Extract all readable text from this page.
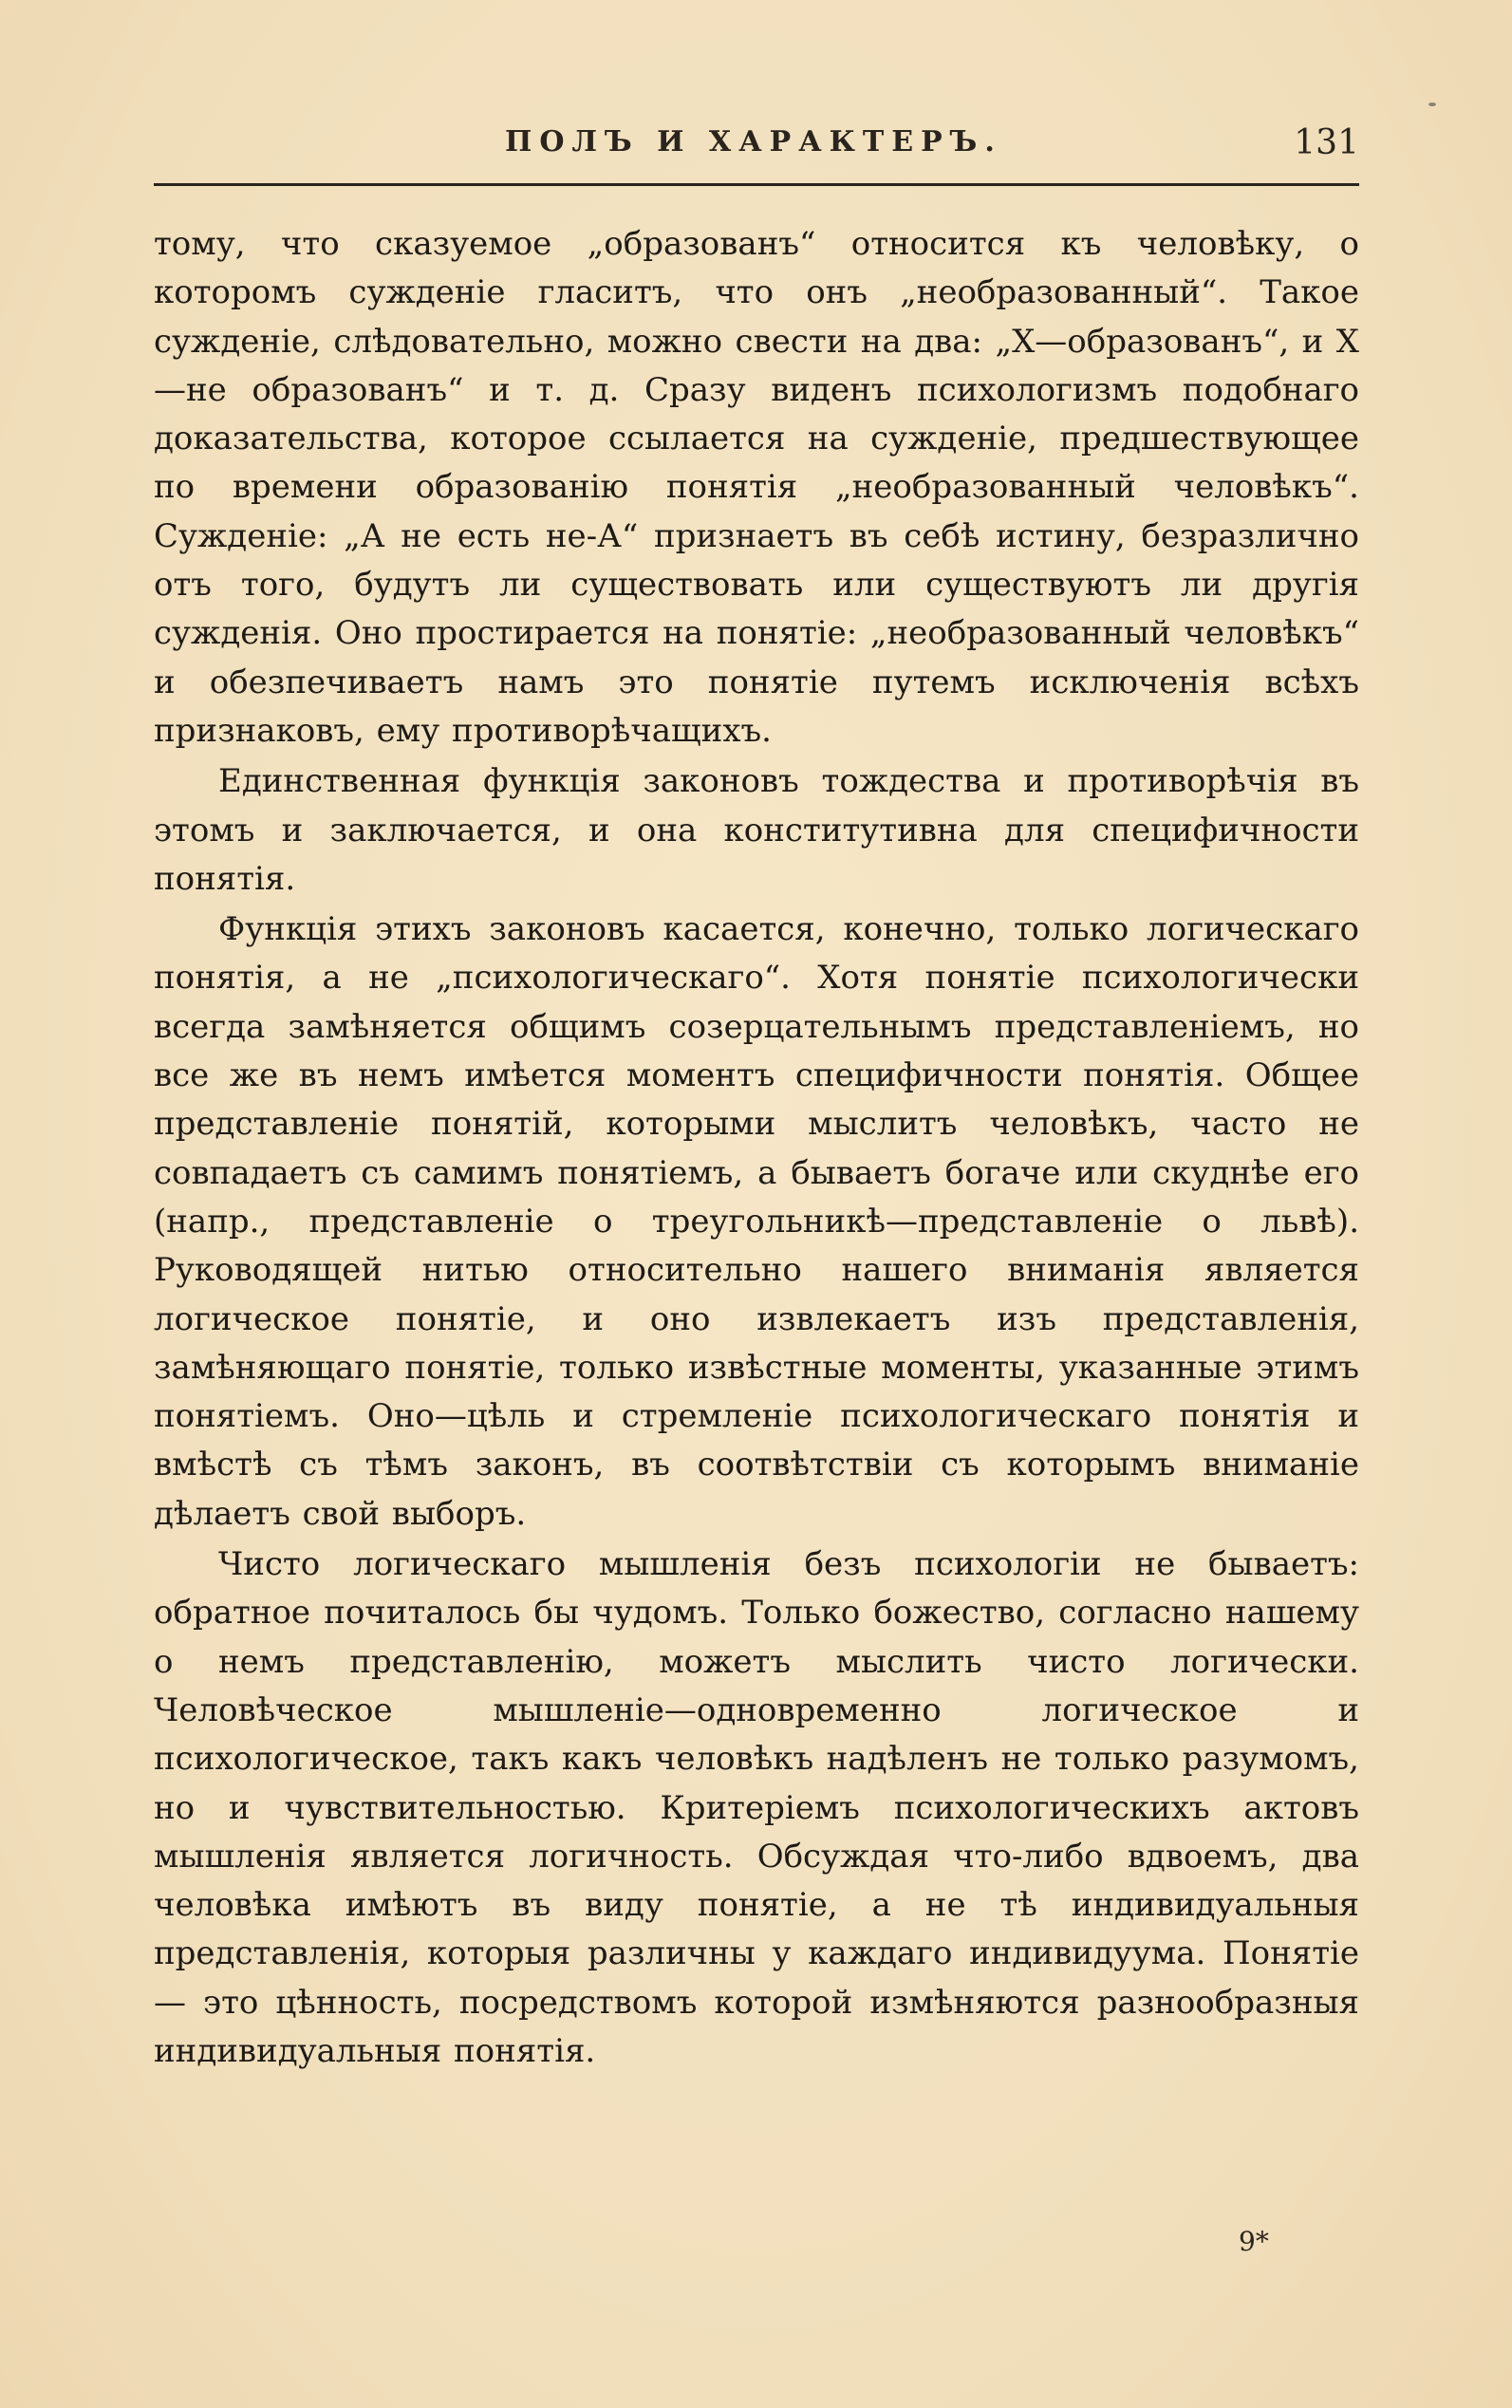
ПОЛЪ И ХАРАКТЕРЪ.	131

тому, что сказуемое „образованъ“ относится къ человѣку, о которомъ сужденіе гласитъ, что онъ „необразованный“. Такое сужденіе, слѣдовательно, можно свести на два: „Х—образованъ“, и Х—не образованъ“ и т. д. Сразу виденъ психологизмъ подобнаго доказательства, которое ссылается на сужденіе, предшествующее по времени образованію понятія „необразованный человѣкъ“. Сужденіе: „А не есть не-А“ признаетъ въ себѣ истину, безразлично отъ того, будутъ ли существовать или существуютъ ли другія сужденія. Оно простирается на понятіе: „необразованный человѣкъ“ и обезпечиваетъ намъ это понятіе путемъ исключенія всѣхъ признаковъ, ему противорѣчащихъ.

Единственная функція законовъ тождества и противорѣчія въ этомъ и заключается, и она конститутивна для специфичности понятія.

Функція этихъ законовъ касается, конечно, только логическаго понятія, а не „психологическаго“. Хотя понятіе психологически всегда замѣняется общимъ созерцательнымъ представленіемъ, но все же въ немъ имѣется моментъ специфичности понятія. Общее представленіе понятій, которыми мыслитъ человѣкъ, часто не совпадаетъ съ самимъ понятіемъ, а бываетъ богаче или скуднѣе его (напр., представленіе о треугольникѣ—представленіе о львѣ). Руководящей нитью относительно нашего вниманія является логическое понятіе, и оно извлекаетъ изъ представленія, замѣняющаго понятіе, только извѣстные моменты, указанные этимъ понятіемъ. Оно—цѣль и стремленіе психологическаго понятія и вмѣстѣ съ тѣмъ законъ, въ соотвѣтствіи съ которымъ вниманіе дѣлаетъ свой выборъ.

Чисто логическаго мышленія безъ психологіи не бываетъ: обратное почиталось бы чудомъ. Только божество, согласно нашему о немъ представленію, можетъ мыслить чисто логически. Человѣческое мышленіе—одновременно логическое и психологическое, такъ какъ человѣкъ надѣленъ не только разумомъ, но и чувствительностью. Критеріемъ психологическихъ актовъ мышленія является логичность. Обсуждая что-либо вдвоемъ, два человѣка имѣютъ въ виду понятіе, а не тѣ индивидуальныя представленія, которыя различны у каждаго индивидуума. Понятіе — это цѣнность, посредствомъ которой измѣняются разнообразныя индивидуальныя понятія.

9*
